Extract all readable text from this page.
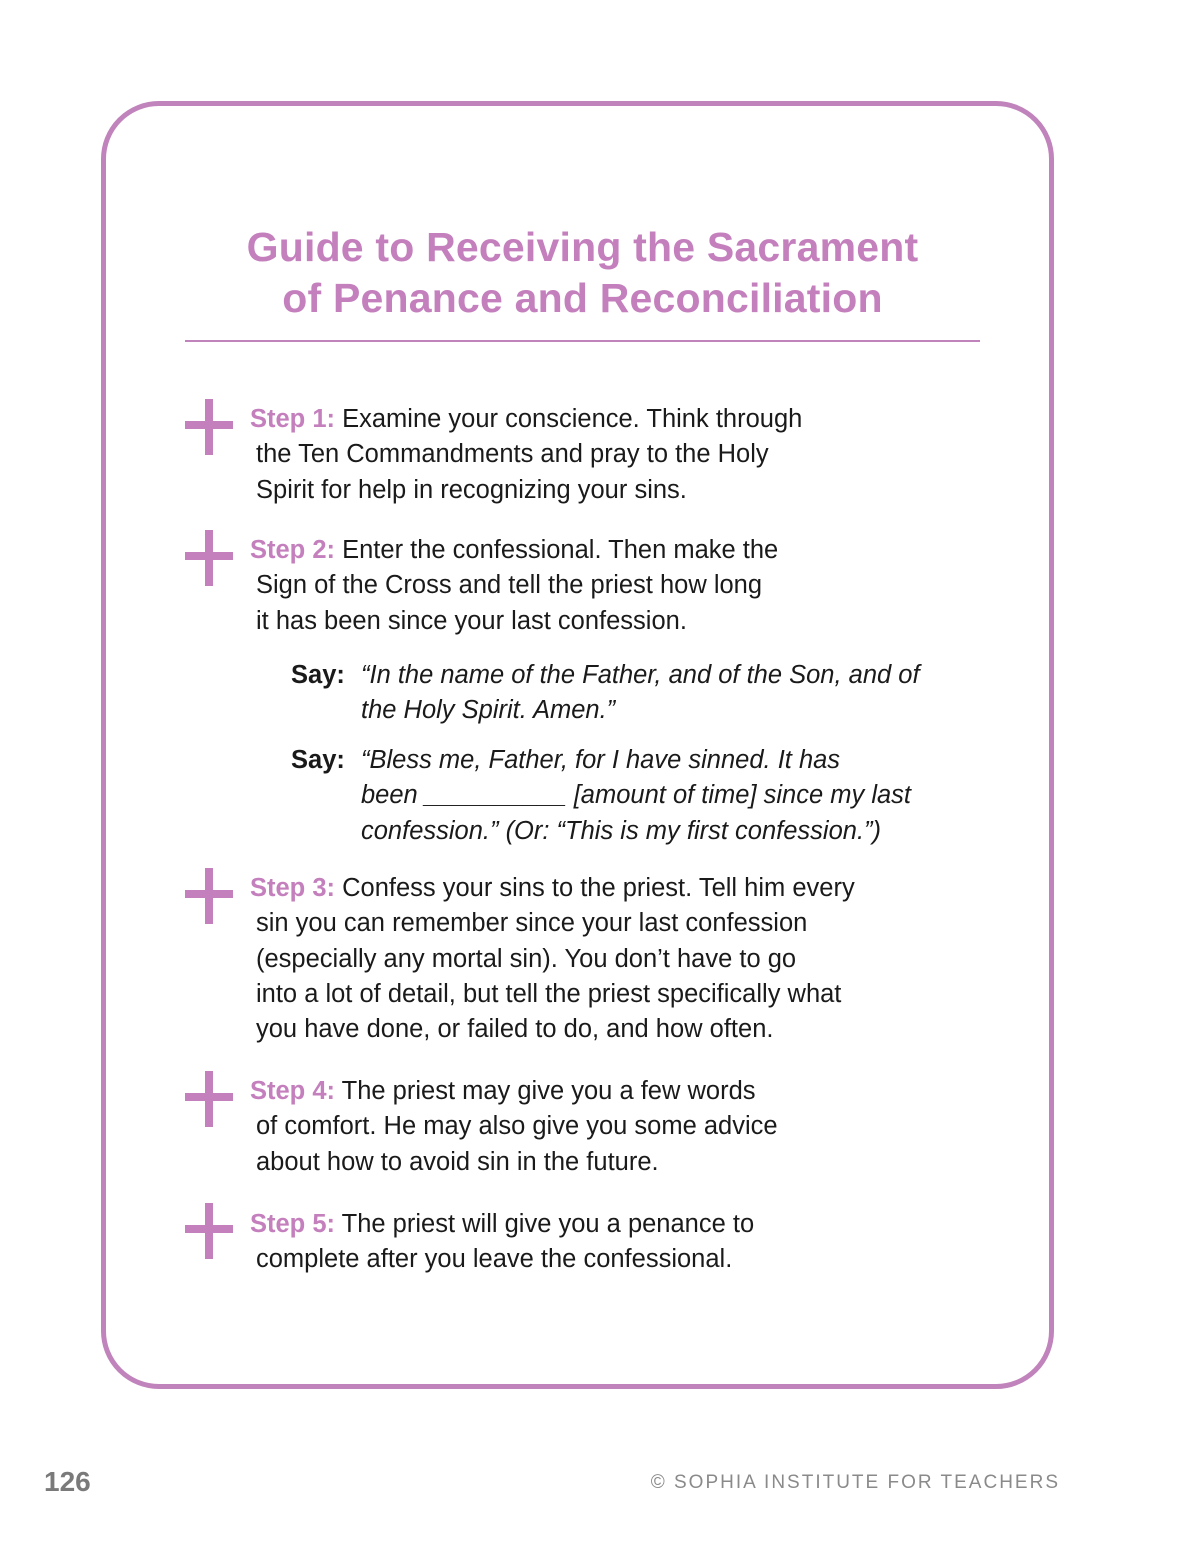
Guide to Receiving the Sacrament
of Penance and Reconciliation

Step 1: Examine your conscience. Think through
the Ten Commandments and pray to the Holy
Spirit for help in recognizing your sins.

Step 2: Enter the confessional. Then make the
Sign of the Cross and tell the priest how long
it has been since your last confession.

Say: “In the name of the Father, and of the Son, and of
the Holy Spirit. Amen.”
Say: “Bless me, Father, for I have sinned. It has
been __________ [amount of time] since my last
confession.” (Or: “This is my first confession.”)

Step 3: Confess your sins to the priest. Tell him every
sin you can remember since your last confession
(especially any mortal sin). You don’t have to go
into a lot of detail, but tell the priest specifically what
you have done, or failed to do, and how often.

Step 4: The priest may give you a few words
of comfort. He may also give you some advice
about how to avoid sin in the future.

Step 5: The priest will give you a penance to
complete after you leave the confessional.

126	© SOPHIA INSTITUTE FOR TEACHERS
